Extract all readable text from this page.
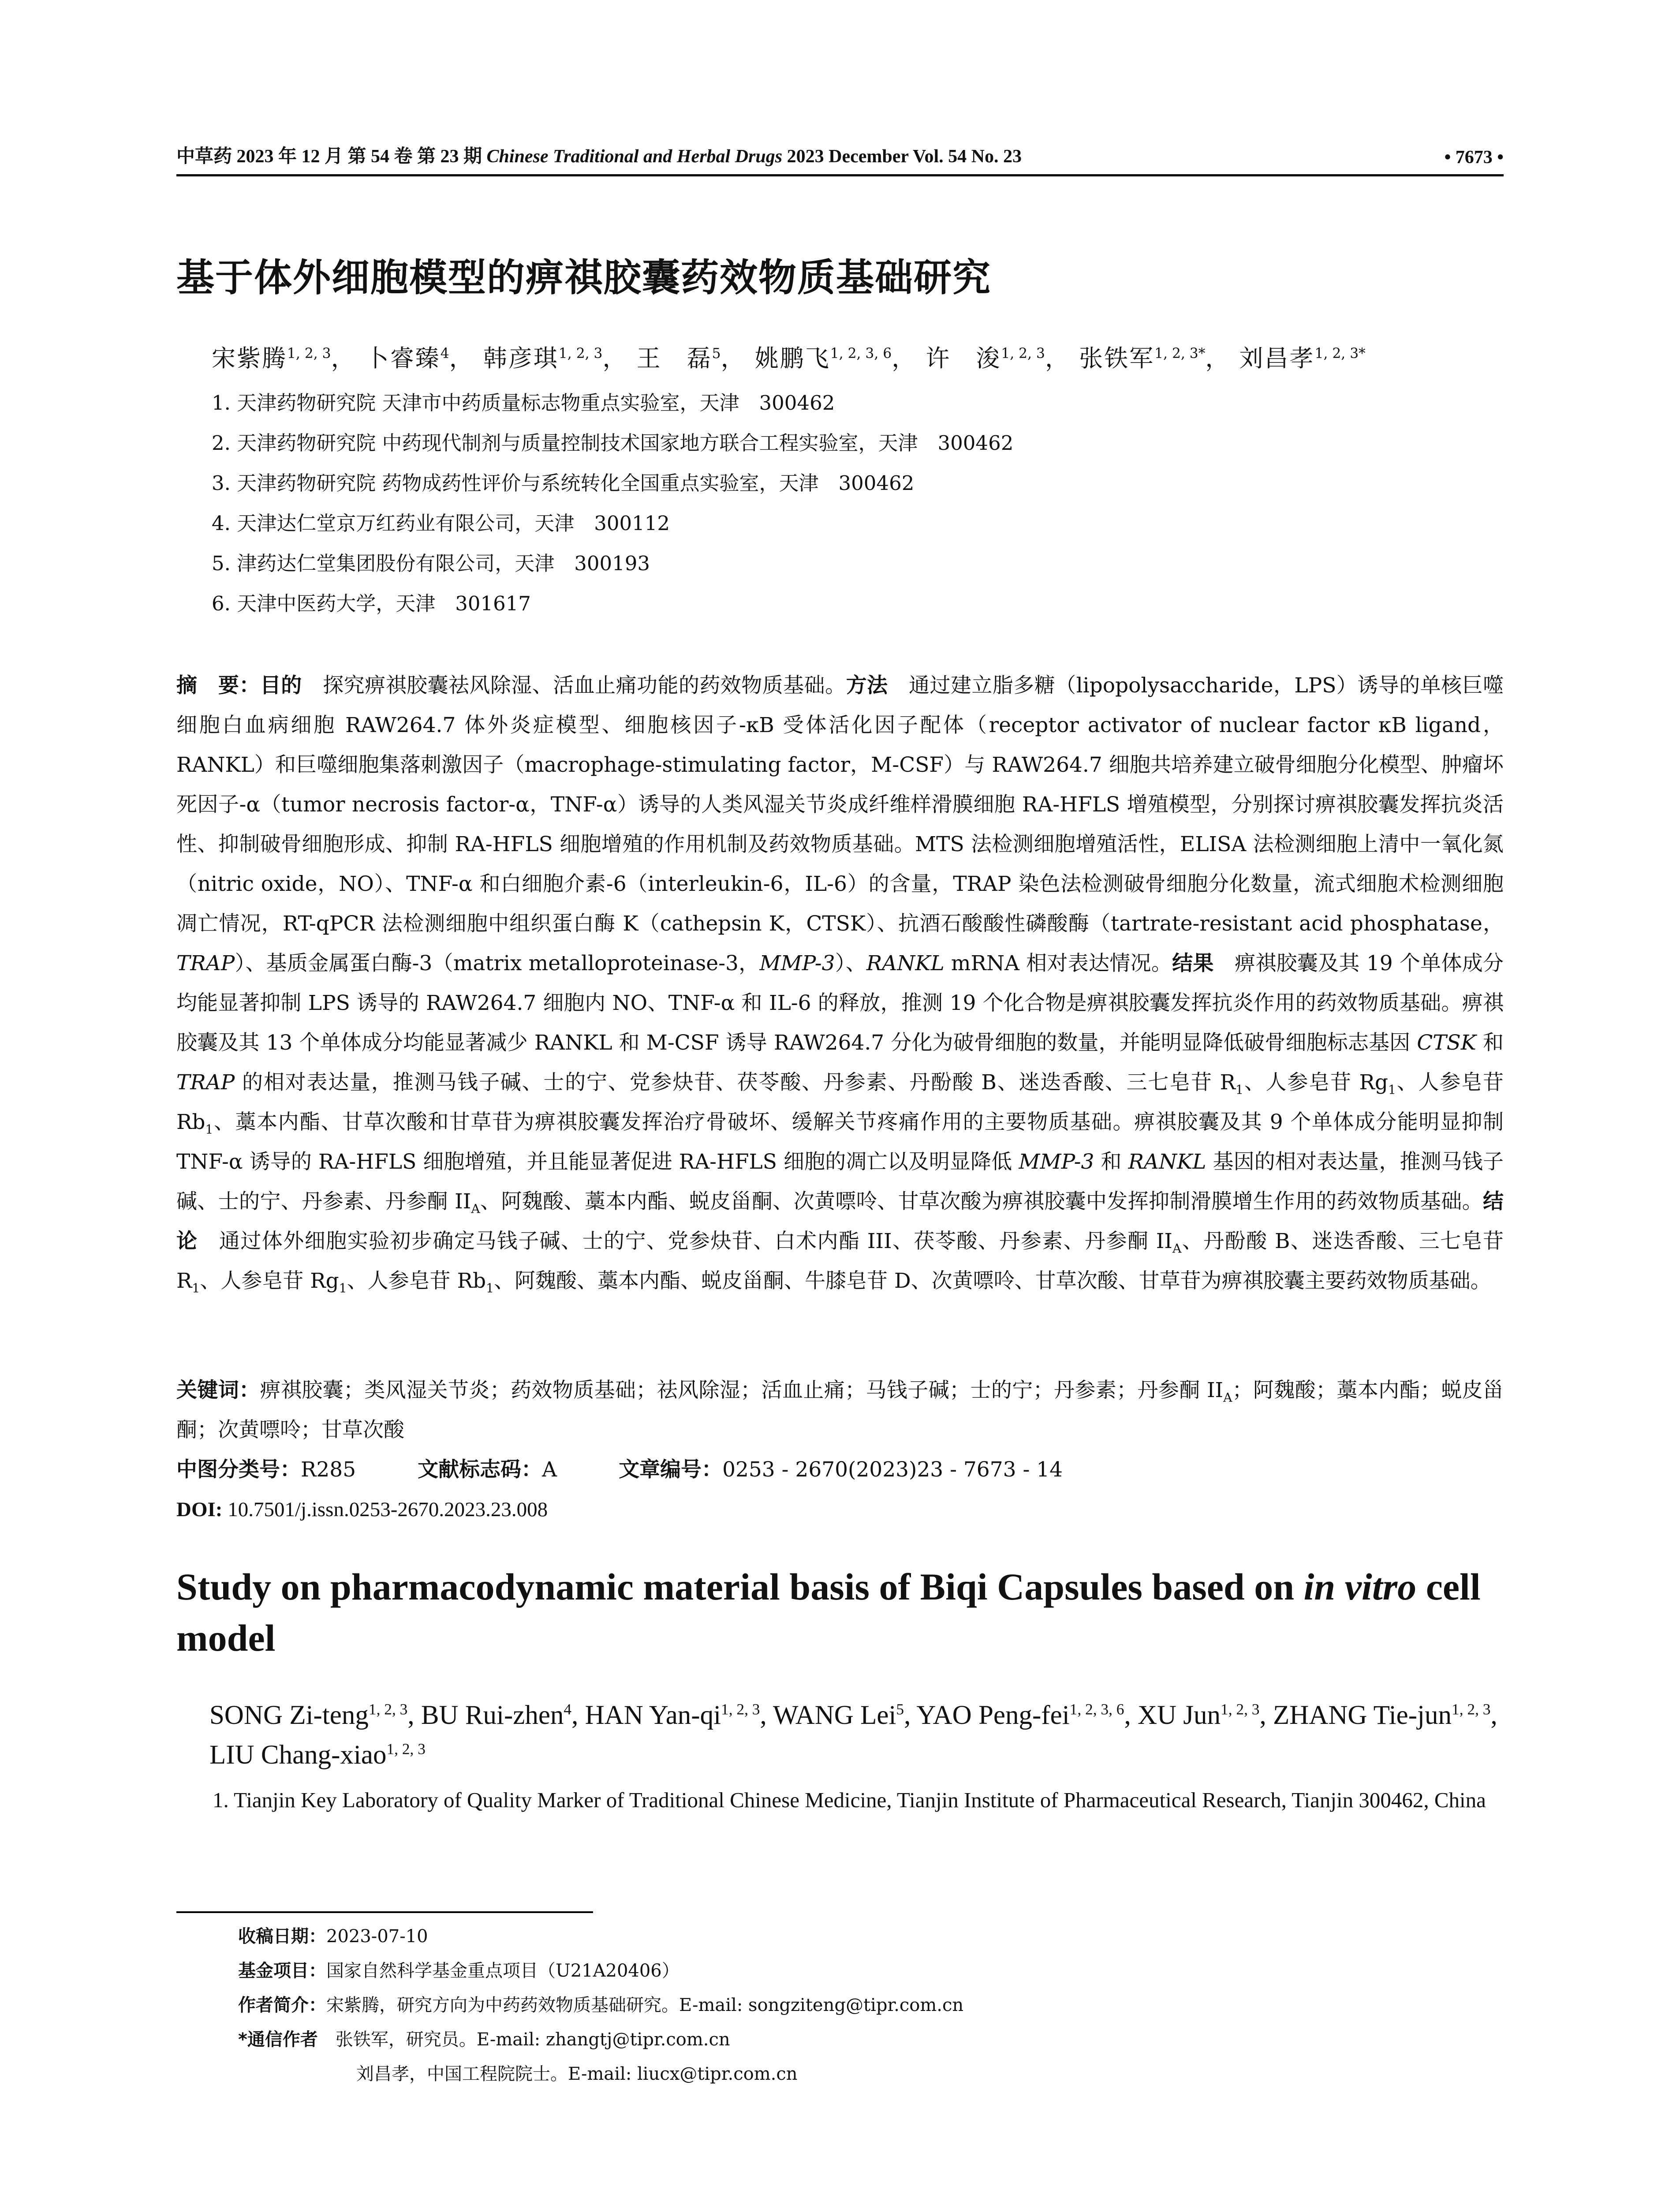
中草药 2023 年 12 月 第 54 卷 第 23 期 Chinese Traditional and Herbal Drugs 2023 December Vol. 54 No. 23	• 7673 •
基于体外细胞模型的痹祺胶囊药效物质基础研究
宋紫腾$^{1, 2, 3}$， 卜睿臻$^4$， 韩彦琪$^{1, 2, 3}$， 王　磊$^5$， 姚鹏飞$^{1, 2, 3, 6}$， 许　浚$^{1, 2, 3}$， 张铁军$^{1, 2, 3*}$， 刘昌孝$^{1, 2, 3*}$
1. 天津药物研究院 天津市中药质量标志物重点实验室，天津　300462
2. 天津药物研究院 中药现代制剂与质量控制技术国家地方联合工程实验室，天津　300462
3. 天津药物研究院 药物成药性评价与系统转化全国重点实验室，天津　300462
4. 天津达仁堂京万红药业有限公司，天津　300112
5. 津药达仁堂集团股份有限公司，天津　300193
6. 天津中医药大学，天津　301617
摘　要：目的　 探究痹祺胶囊祛风除湿、活血止痛功能的药效物质基础。方法　 通过建立脂多糖（lipopolysaccharide，LPS）诱导的单核巨噬细胞白血病细胞 RAW264.7 体外炎症模型、细胞核因子-κB 受体活化因子配体（receptor activator of nuclear factor κB ligand，RANKL）和巨噬细胞集落刺激因子（macrophage-stimulating factor，M-CSF）与 RAW264.7 细胞共培养建立破骨细胞分化模型、肿瘤坏死因子-α（tumor necrosis factor-α，TNF-α）诱导的人类风湿关节炎成纤维样滑膜细胞 RA-HFLS 增殖模型，分别探讨痹祺胶囊发挥抗炎活性、抑制破骨细胞形成、抑制 RA-HFLS 细胞增殖的作用机制及药效物质基础。MTS 法检测细胞增殖活性，ELISA 法检测细胞上清中一氧化氮（nitric oxide，NO）、TNF-α 和白细胞介素-6（interleukin-6，IL-6）的含量，TRAP 染色法检测破骨细胞分化数量，流式细胞术检测细胞凋亡情况，RT-qPCR 法检测细胞中组织蛋白酶 K（cathepsin K，CTSK）、抗酒石酸酸性磷酸酶（tartrate-resistant acid phosphatase，TRAP）、基质金属蛋白酶-3（matrix metalloproteinase-3，MMP-3）、RANKL mRNA 相对表达情况。结果　 痹祺胶囊及其 19 个单体成分均能显著抑制 LPS 诱导的 RAW264.7 细胞内 NO、TNF-α 和 IL-6 的释放，推测 19 个化合物是痹祺胶囊发挥抗炎作用的药效物质基础。痹祺胶囊及其 13 个单体成分均能显著减少 RANKL 和 M-CSF 诱导 RAW264.7 分化为破骨细胞的数量，并能明显降低破骨细胞标志基因 CTSK 和 TRAP 的相对表达量，推测马钱子碱、士的宁、党参炔苷、茯苓酸、丹参素、丹酚酸 B、迷迭香酸、三七皂苷 $R_1$、人参皂苷 $Rg_1$、人参皂苷 $Rb_1$、藁本内酯、甘草次酸和甘草苷为痹祺胶囊发挥治疗骨破坏、缓解关节疼痛作用的主要物质基础。痹祺胶囊及其 9 个单体成分能明显抑制 TNF-α 诱导的 RA-HFLS 细胞增殖，并且能显著促进 RA-HFLS 细胞的凋亡以及明显降低 MMP-3 和 RANKL 基因的相对表达量，推测马钱子碱、士的宁、丹参素、丹参酮 $II_A$、阿魏酸、藁本内酯、蜕皮甾酮、次黄嘌呤、甘草次酸为痹祺胶囊中发挥抑制滑膜增生作用的药效物质基础。结论　 通过体外细胞实验初步确定马钱子碱、士的宁、党参炔苷、白术内酯 III、茯苓酸、丹参素、丹参酮 $II_A$、丹酚酸 B、迷迭香酸、三七皂苷 $R_1$、人参皂苷 $Rg_1$、人参皂苷 $Rb_1$、阿魏酸、藁本内酯、蜕皮甾酮、牛膝皂苷 D、次黄嘌呤、甘草次酸、甘草苷为痹祺胶囊主要药效物质基础。
关键词：痹祺胶囊；类风湿关节炎；药效物质基础；祛风除湿；活血止痛；马钱子碱；士的宁；丹参素；丹参酮 $II_A$；阿魏酸；藁本内酯；蜕皮甾酮；次黄嘌呤；甘草次酸
中图分类号：R285	文献标志码：A	文章编号：0253 - 2670(2023)23 - 7673 - 14
DOI: 10.7501/j.issn.0253-2670.2023.23.008
Study on pharmacodynamic material basis of Biqi Capsules based on in vitro cell model
SONG Zi-teng$^{1, 2, 3}$, BU Rui-zhen$^4$, HAN Yan-qi$^{1, 2, 3}$, WANG Lei$^5$, YAO Peng-fei$^{1, 2, 3, 6}$, XU Jun$^{1, 2, 3}$, ZHANG Tie-jun$^{1, 2, 3}$, LIU Chang-xiao$^{1, 2, 3}$
1. Tianjin Key Laboratory of Quality Marker of Traditional Chinese Medicine, Tianjin Institute of Pharmaceutical Research, Tianjin 300462, China
收稿日期：2023-07-10
基金项目：国家自然科学基金重点项目（U21A20406）
作者简介：宋紫腾，研究方向为中药药效物质基础研究。E-mail: songziteng@tipr.com.cn
*通信作者　 张铁军，研究员。E-mail: zhangtj@tipr.com.cn
刘昌孝，中国工程院院士。E-mail: liucx@tipr.com.cn
